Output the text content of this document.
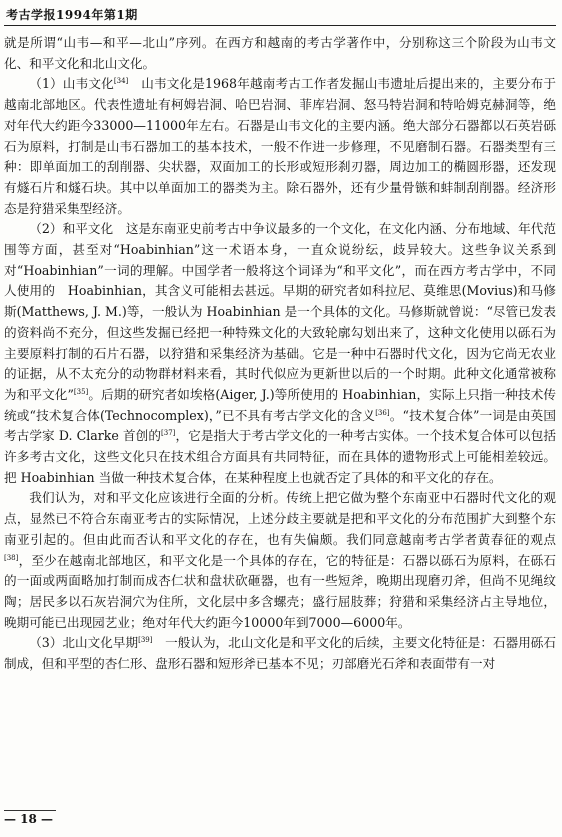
考古学报1994年第1期

就是所谓“山韦—和平—北山”序列。在西方和越南的考古学著作中，分别称这三个阶段为山韦文化、和平文化和北山文化。

（1）山韦文化[34]　山韦文化是1968年越南考古工作者发掘山韦遗址后提出来的，主要分布于越南北部地区。代表性遗址有柯姆岩洞、哈巴岩洞、菲库岩洞、怒马特岩洞和特哈姆克赫洞等，绝对年代大约距今33000—11000年左右。石器是山韦文化的主要内涵。绝大部分石器都以石英岩砾石为原料，打制是山韦石器加工的基本技术，一般不作进一步修理，不见磨制石器。石器类型有三种：即单面加工的刮削器、尖状器，双面加工的长形或短形刹刃器，周边加工的椭圆形器，还发现有燧石片和燧石块。其中以单面加工的器类为主。除石器外，还有少量骨镞和蚌制刮削器。经济形态是狩猎采集型经济。

（2）和平文化　这是东南亚史前考古中争议最多的一个文化，在文化内涵、分布地域、年代范围等方面，甚至对“Hoabinhian”这一术语本身，一直众说纷纭，歧异较大。这些争议关系到对“Hoabinhian”一词的理解。中国学者一般将这个词译为“和平文化”，而在西方考古学中，不同人使用的　Hoabinhian，其含义可能相去甚远。早期的研究者如科拉尼、莫维思(Movius)和马修斯(Matthews, J. M.)等，一般认为 Hoabinhian 是一个具体的文化。马修斯就曾说：“尽管已发表的资料尚不充分，但这些发掘已经把一种特殊文化的大致轮廓勾划出来了，这种文化使用以砾石为主要原料打制的石片石器，以狩猎和采集经济为基础。它是一种中石器时代文化，因为它尚无农业的证据，从不太充分的动物群材料来看，其时代似应为更新世以后的一个时期。此种文化通常被称为和平文化”[35]。后期的研究者如埃格(Aiger, J.)等所使用的 Hoabinhian，实际上只指一种技术传统或“技术复合体(Technocomplex)，”已不具有考古学文化的含义[36]。“技术复合体”一词是由英国考古学家 D. Clarke 首创的[37]，它是指大于考古学文化的一种考古实体。一个技术复合体可以包括许多考古文化，这些文化只在技术组合方面具有共同特征，而在具体的遗物形式上可能相差较远。把 Hoabinhian 当做一种技术复合体，在某种程度上也就否定了具体的和平文化的存在。

我们认为，对和平文化应该进行全面的分析。传统上把它做为整个东南亚中石器时代文化的观点，显然已不符合东南亚考古的实际情况，上述分歧主要就是把和平文化的分布范围扩大到整个东南亚引起的。但由此而否认和平文化的存在，也有失偏颇。我们同意越南考古学者黄春征的观点[38]，至少在越南北部地区，和平文化是一个具体的存在，它的特征是：石器以砾石为原料，在砾石的一面或两面略加打制而成杏仁状和盘状砍砸器，也有一些短斧，晚期出现磨刃斧，但尚不见绳纹陶；居民多以石灰岩洞穴为住所，文化层中多含螺壳；盛行屈肢葬；狩猎和采集经济占主导地位，晚期可能已出现园艺业；绝对年代大约距今10000年到7000—6000年。

（3）北山文化早期[39]　一般认为，北山文化是和平文化的后续，主要文化特征是：石器用砾石制成，但和平型的杏仁形、盘形石器和短形斧已基本不见；刃部磨光石斧和表面带有一对

— 18 —
